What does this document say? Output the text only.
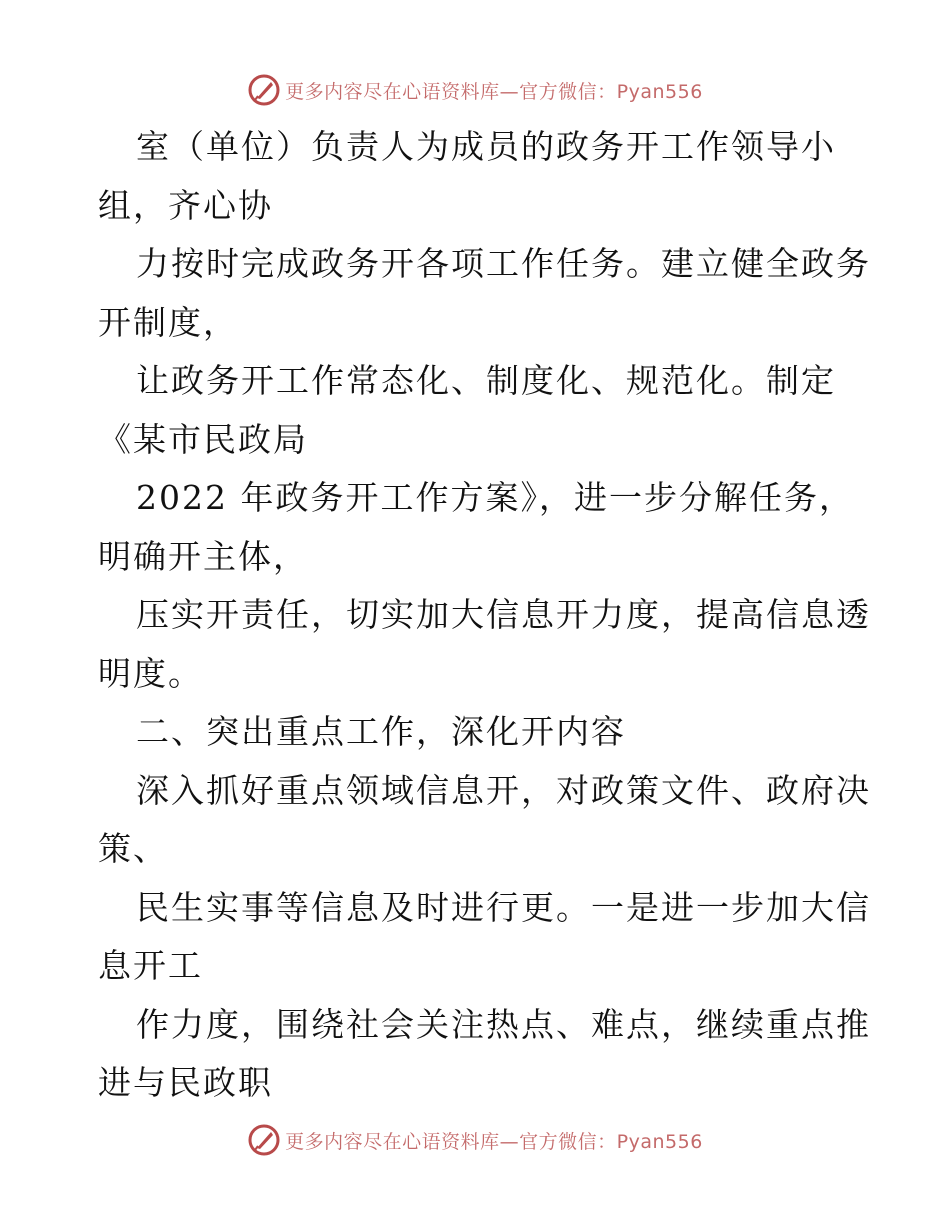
更多内容尽在心语资料库—官方微信：Pyan556
室（单位）负责人为成员的政务开工作领导小
组，齐心协
力按时完成政务开各项工作任务。建立健全政务
开制度，
让政务开工作常态化、制度化、规范化。制定
《某市民政局
2022 年政务开工作方案》，进一步分解任务，
明确开主体，
压实开责任，切实加大信息开力度，提高信息透
明度。
二、突出重点工作，深化开内容
深入抓好重点领域信息开，对政策文件、政府决
策、
民生实事等信息及时进行更。一是进一步加大信
息开工
作力度，围绕社会关注热点、难点，继续重点推
进与民政职
更多内容尽在心语资料库—官方微信：Pyan556
